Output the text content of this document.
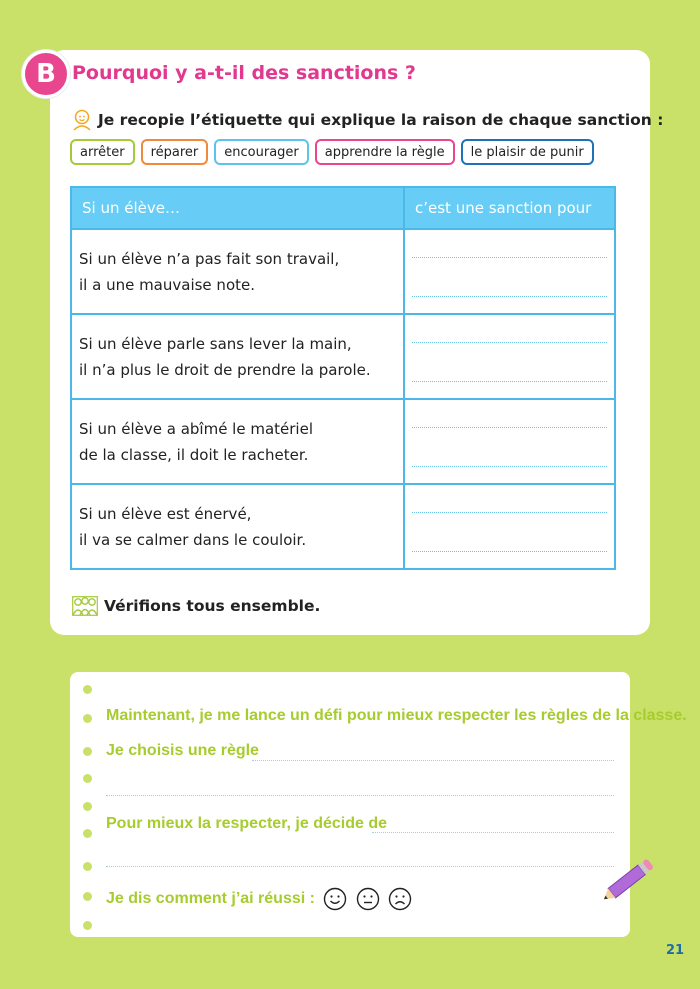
B Pourquoi y a-t-il des sanctions ?
Je recopie l’étiquette qui explique la raison de chaque sanction :
arrêter	réparer	encourager	apprendre la règle	le plaisir de punir
Si un élève…	c’est une sanction pour

Si un élève n’a pas fait son travail,
il a une mauvaise note.	

Si un élève parle sans lever la main,
il n’a plus le droit de prendre la parole.	

Si un élève a abîmé le matériel
de la classe, il doit le racheter.	

Si un élève est énervé,
il va se calmer dans le couloir.	

Vérifions tous ensemble.
Maintenant, je me lance un défi pour mieux respecter les règles de la classe.
Je choisis une règle
Pour mieux la respecter, je décide de
Je dis comment j’ai réussi :
21
